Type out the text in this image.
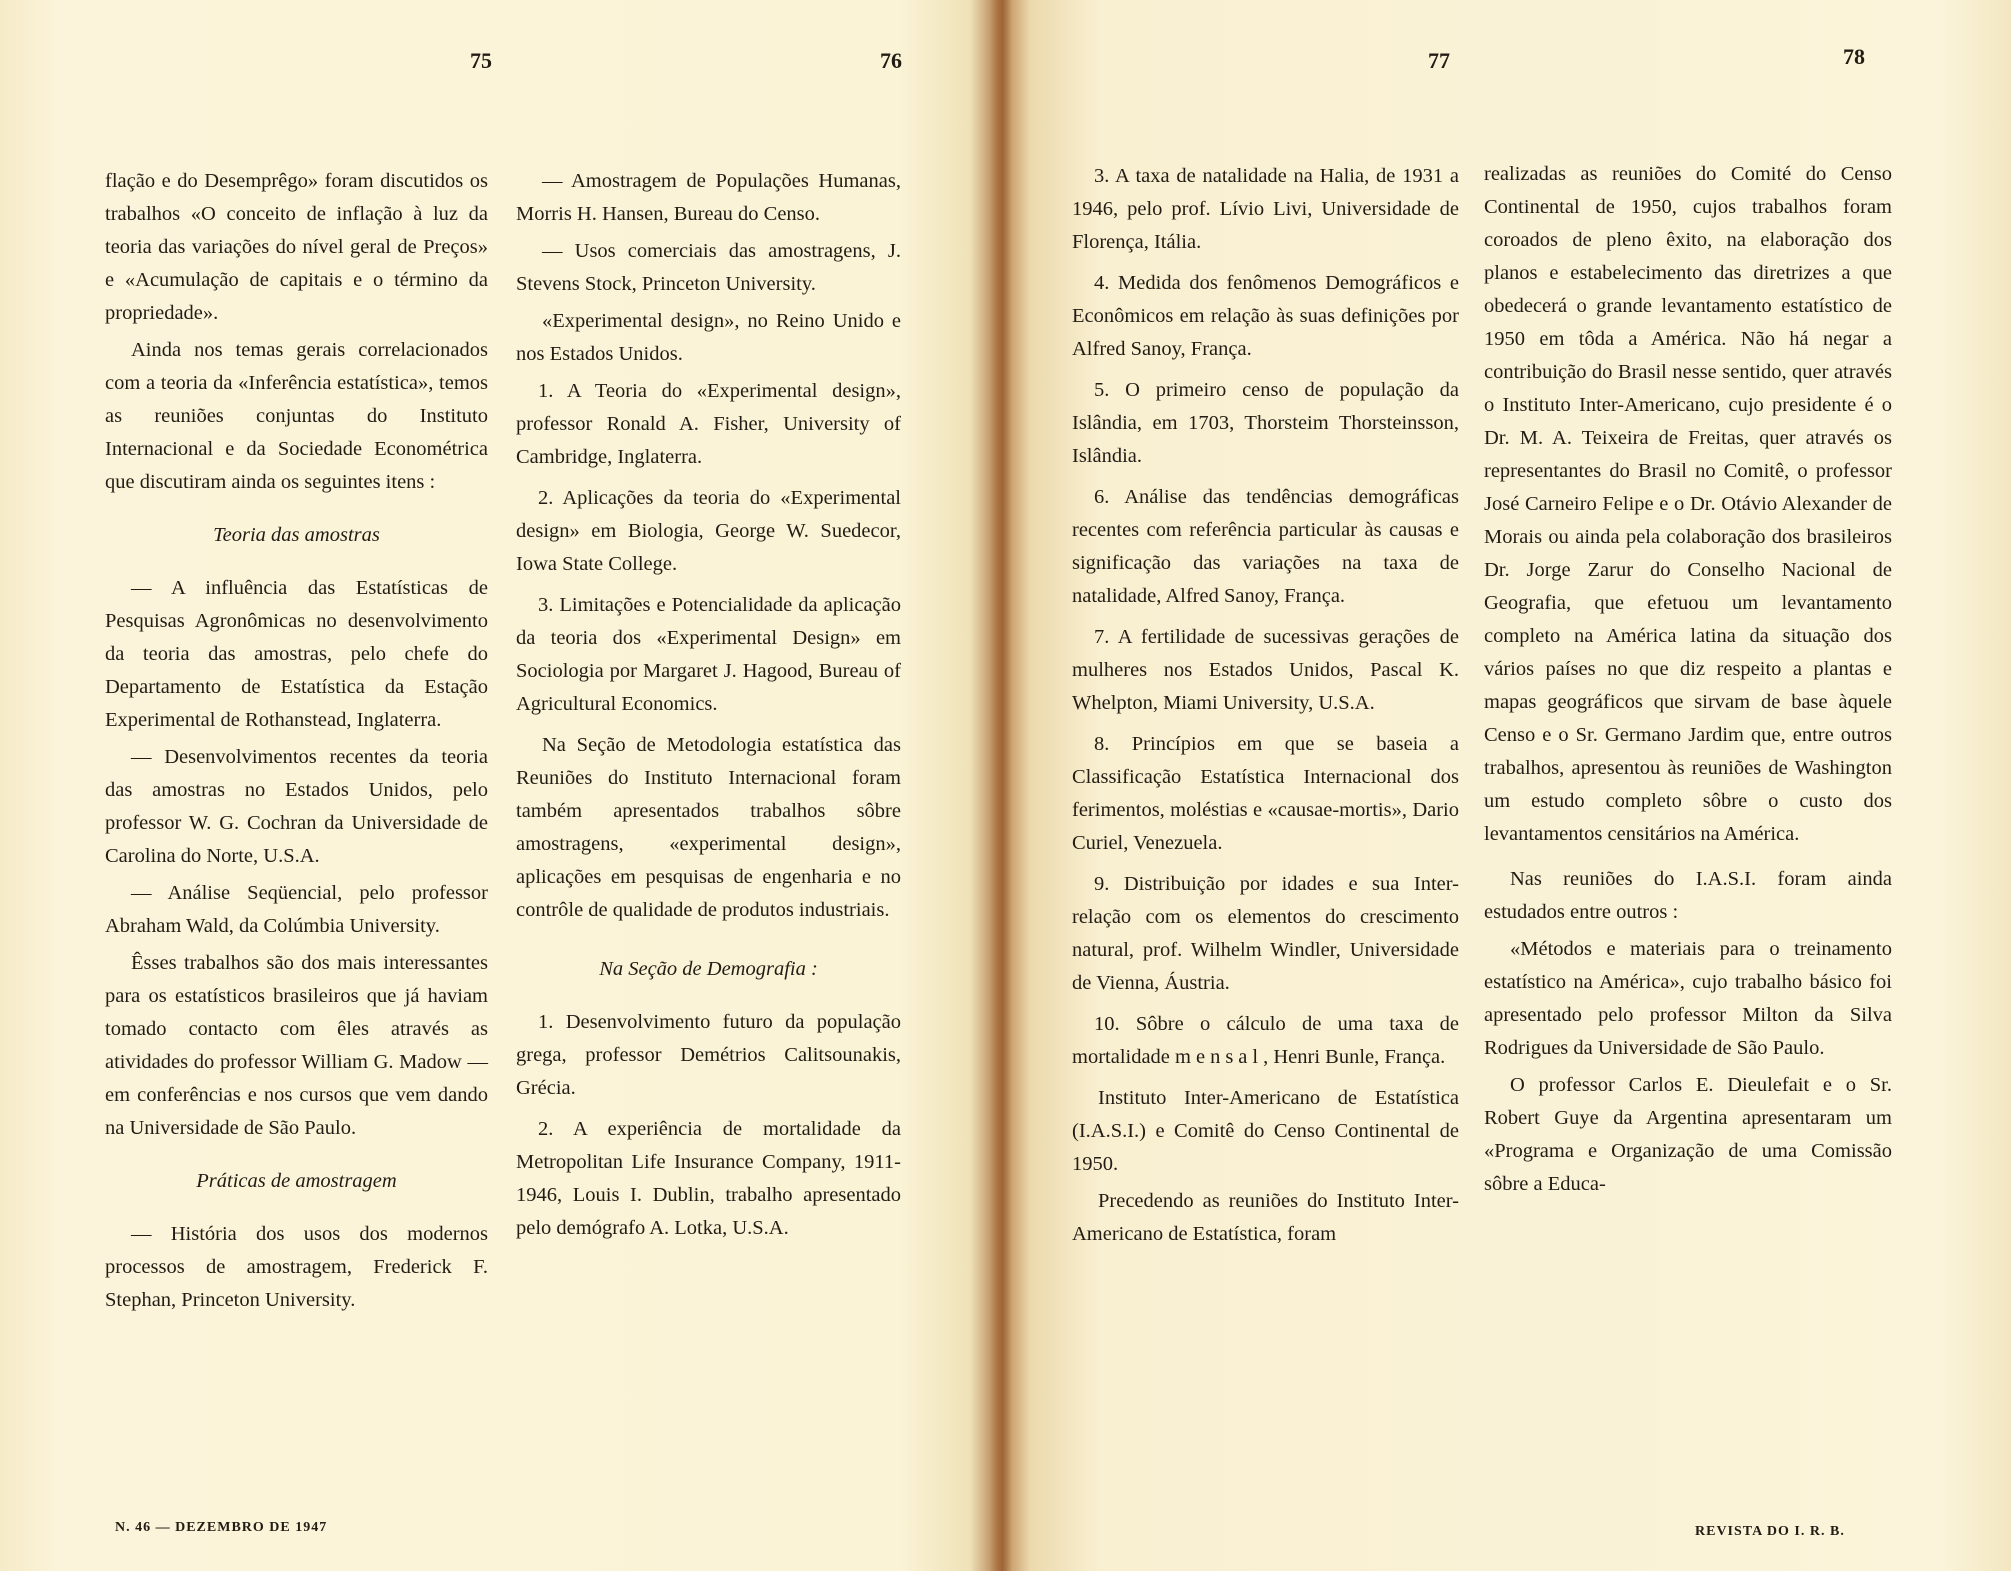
75	76	77	78

flação e do Desemprêgo» foram discutidos os trabalhos «O conceito de inflação à luz da teoria das variações do nível geral de Preços» e «Acumulação de capitais e o término da propriedade».

Ainda nos temas gerais correlacionados com a teoria da «Inferência estatística», temos as reuniões conjuntas do Instituto Internacional e da Sociedade Econométrica que discutiram ainda os seguintes itens :

Teoria das amostras

— A influência das Estatísticas de Pesquisas Agronômicas no desenvolvimento da teoria das amostras, pelo chefe do Departamento de Estatística da Estação Experimental de Rothanstead, Inglaterra.

— Desenvolvimentos recentes da teoria das amostras no Estados Unidos, pelo professor W. G. Cochran da Universidade de Carolina do Norte, U.S.A.

— Análise Seqüencial, pelo professor Abraham Wald, da Colúmbia University.

Êsses trabalhos são dos mais interessantes para os estatísticos brasileiros que já haviam tomado contacto com êles através as atividades do professor William G. Madow — em conferências e nos cursos que vem dando na Universidade de São Paulo.

Práticas de amostragem

— História dos usos dos modernos processos de amostragem, Frederick F. Stephan, Princeton University.

— Amostragem de Populações Humanas, Morris H. Hansen, Bureau do Censo.

— Usos comerciais das amostragens, J. Stevens Stock, Princeton University.

«Experimental design», no Reino Unido e nos Estados Unidos.

1. A Teoria do «Experimental design», professor Ronald A. Fisher, University of Cambridge, Inglaterra.

2. Aplicações da teoria do «Experimental design» em Biologia, George W. Suedecor, Iowa State College.

3. Limitações e Potencialidade da aplicação da teoria dos «Experimental Design» em Sociologia por Margaret J. Hagood, Bureau of Agricultural Economics.

Na Seção de Metodologia estatística das Reuniões do Instituto Internacional foram também apresentados trabalhos sôbre amostragens, «experimental design», aplicações em pesquisas de engenharia e no contrôle de qualidade de produtos industriais.

Na Seção de Demografia :

1. Desenvolvimento futuro da população grega, professor Demétrios Calitsounakis, Grécia.

2. A experiência de mortalidade da Metropolitan Life Insurance Company, 1911-1946, Louis I. Dublin, trabalho apresentado pelo demógrafo A. Lotka, U.S.A.

3. A taxa de natalidade na Halia, de 1931 a 1946, pelo prof. Lívio Livi, Universidade de Florença, Itália.

4. Medida dos fenômenos Demográficos e Econômicos em relação às suas definições por Alfred Sanoy, França.

5. O primeiro censo de população da Islândia, em 1703, Thorsteim Thorsteinsson, Islândia.

6. Análise das tendências demográficas recentes com referência particular às causas e significação das variações na taxa de natalidade, Alfred Sanoy, França.

7. A fertilidade de sucessivas gerações de mulheres nos Estados Unidos, Pascal K. Whelpton, Miami University, U.S.A.

8. Princípios em que se baseia a Classificação Estatística Internacional dos ferimentos, moléstias e «causae-mortis», Dario Curiel, Venezuela.

9. Distribuição por idades e sua Inter-relação com os elementos do crescimento natural, prof. Wilhelm Windler, Universidade de Vienna, Áustria.

10. Sôbre o cálculo de uma taxa de mortalidade mensal, Henri Bunle, França.

Instituto Inter-Americano de Estatística (I.A.S.I.) e Comitê do Censo Continental de 1950.

Precedendo as reuniões do Instituto Inter-Americano de Estatística, foram

realizadas as reuniões do Comité do Censo Continental de 1950, cujos trabalhos foram coroados de pleno êxito, na elaboração dos planos e estabelecimento das diretrizes a que obedecerá o grande levantamento estatístico de 1950 em tôda a América. Não há negar a contribuição do Brasil nesse sentido, quer através o Instituto Inter-Americano, cujo presidente é o Dr. M. A. Teixeira de Freitas, quer através os representantes do Brasil no Comitê, o professor José Carneiro Felipe e o Dr. Otávio Alexander de Morais ou ainda pela colaboração dos brasileiros Dr. Jorge Zarur do Conselho Nacional de Geografia, que efetuou um levantamento completo na América latina da situação dos vários países no que diz respeito a plantas e mapas geográficos que sirvam de base àquele Censo e o Sr. Germano Jardim que, entre outros trabalhos, apresentou às reuniões de Washington um estudo completo sôbre o custo dos levantamentos censitários na América.

Nas reuniões do I.A.S.I. foram ainda estudados entre outros :

«Métodos e materiais para o treinamento estatístico na América», cujo trabalho básico foi apresentado pelo professor Milton da Silva Rodrigues da Universidade de São Paulo.

O professor Carlos E. Dieulefait e o Sr. Robert Guye da Argentina apresentaram um «Programa e Organização de uma Comissão sôbre a Educa-

N. 46 — DEZEMBRO DE 1947	REVISTA DO I. R. B.
